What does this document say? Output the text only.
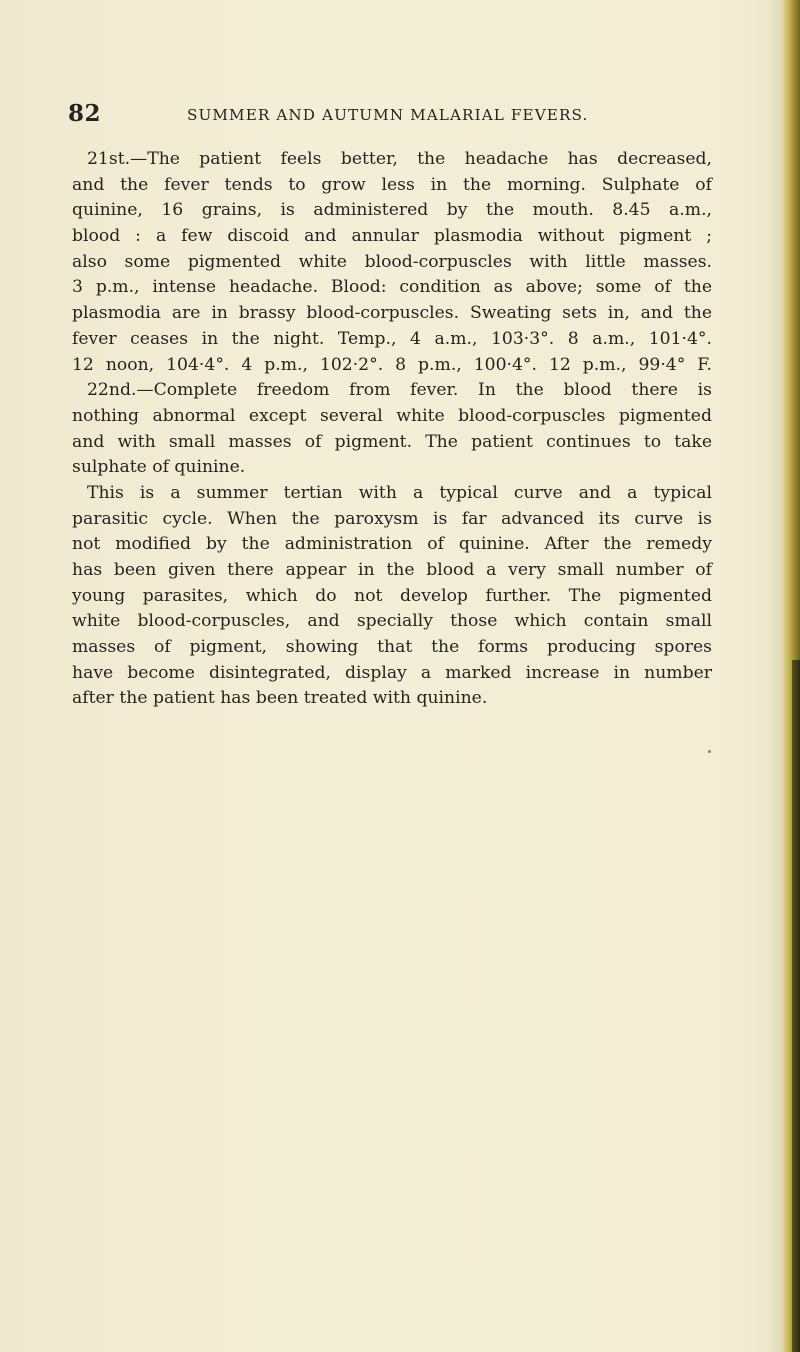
82	SUMMER AND AUTUMN MALARIAL FEVERS.
21st.—The patient feels better, the headache has decreased,
and the fever tends to grow less in the morning. Sulphate of
quinine, 16 grains, is administered by the mouth. 8.45 a.m.,
blood : a few discoid and annular plasmodia without pigment ;
also some pigmented white blood-corpuscles with little masses.
3 p.m., intense headache. Blood: condition as above; some of the
plasmodia are in brassy blood-corpuscles. Sweating sets in, and the
fever ceases in the night. Temp., 4 a.m., 103·3°. 8 a.m., 101·4°.
12 noon, 104·4°. 4 p.m., 102·2°. 8 p.m., 100·4°. 12 p.m., 99·4° F.
22nd.—Complete freedom from fever. In the blood there is
nothing abnormal except several white blood-corpuscles pigmented
and with small masses of pigment. The patient continues to take
sulphate of quinine.
This is a summer tertian with a typical curve and a typical
parasitic cycle. When the paroxysm is far advanced its curve is
not modified by the administration of quinine. After the remedy
has been given there appear in the blood a very small number of
young parasites, which do not develop further. The pigmented
white blood-corpuscles, and specially those which contain small
masses of pigment, showing that the forms producing spores
have become disintegrated, display a marked increase in number
after the patient has been treated with quinine.
